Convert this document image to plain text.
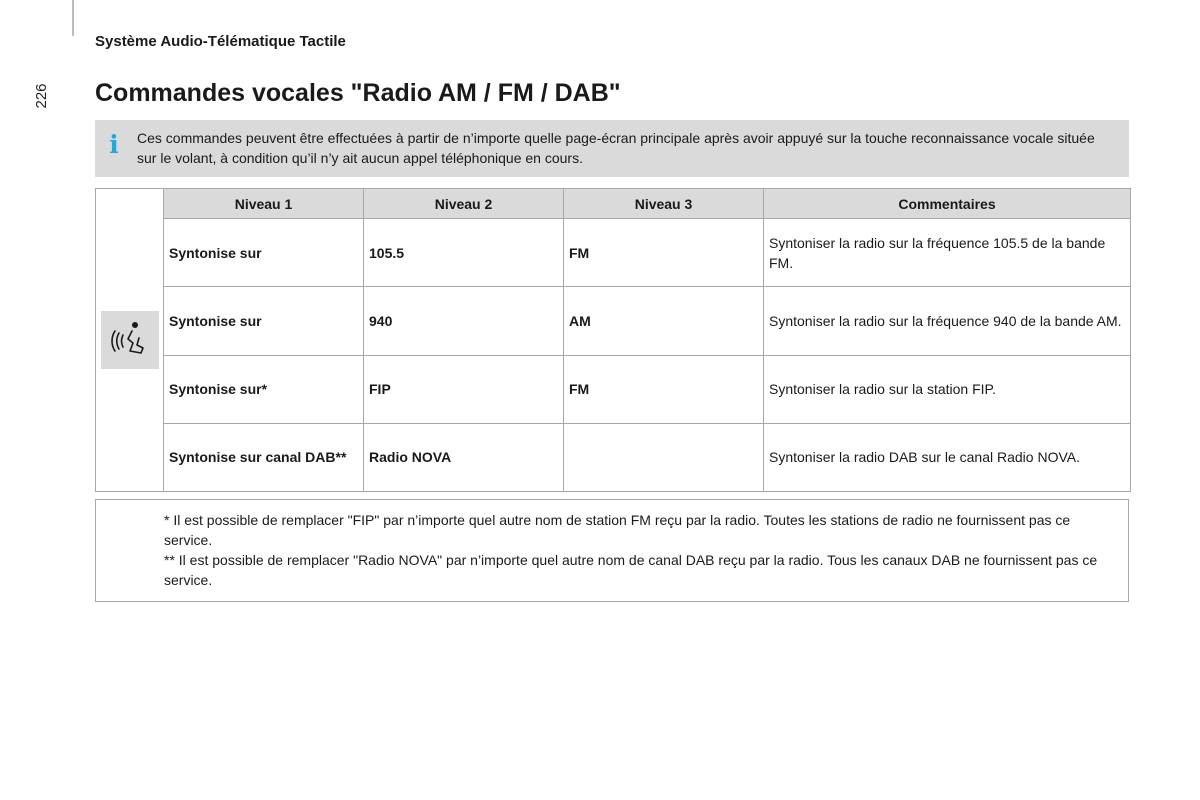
226
Système Audio-Télématique Tactile
Commandes vocales "Radio AM / FM / DAB"
i Ces commandes peuvent être effectuées à partir de n’importe quelle page-écran principale après avoir appuyé sur la touche reconnaissance vocale située sur le volant, à condition qu’il n’y ait aucun appel téléphonique en cours.
	Niveau 1	Niveau 2	Niveau 3	Commentaires
	Syntonise sur	105.5	FM	Syntoniser la radio sur la fréquence 105.5 de la bande FM.
	Syntonise sur	940	AM	Syntoniser la radio sur la fréquence 940 de la bande AM.
	Syntonise sur*	FIP	FM	Syntoniser la radio sur la station FIP.
	Syntonise sur canal DAB**	Radio NOVA		Syntoniser la radio DAB sur le canal Radio NOVA.
* Il est possible de remplacer "FIP" par n’importe quel autre nom de station FM reçu par la radio. Toutes les stations de radio ne fournissent pas ce service.
** Il est possible de remplacer "Radio NOVA" par n’importe quel autre nom de canal DAB reçu par la radio. Tous les canaux DAB ne fournissent pas ce service.
